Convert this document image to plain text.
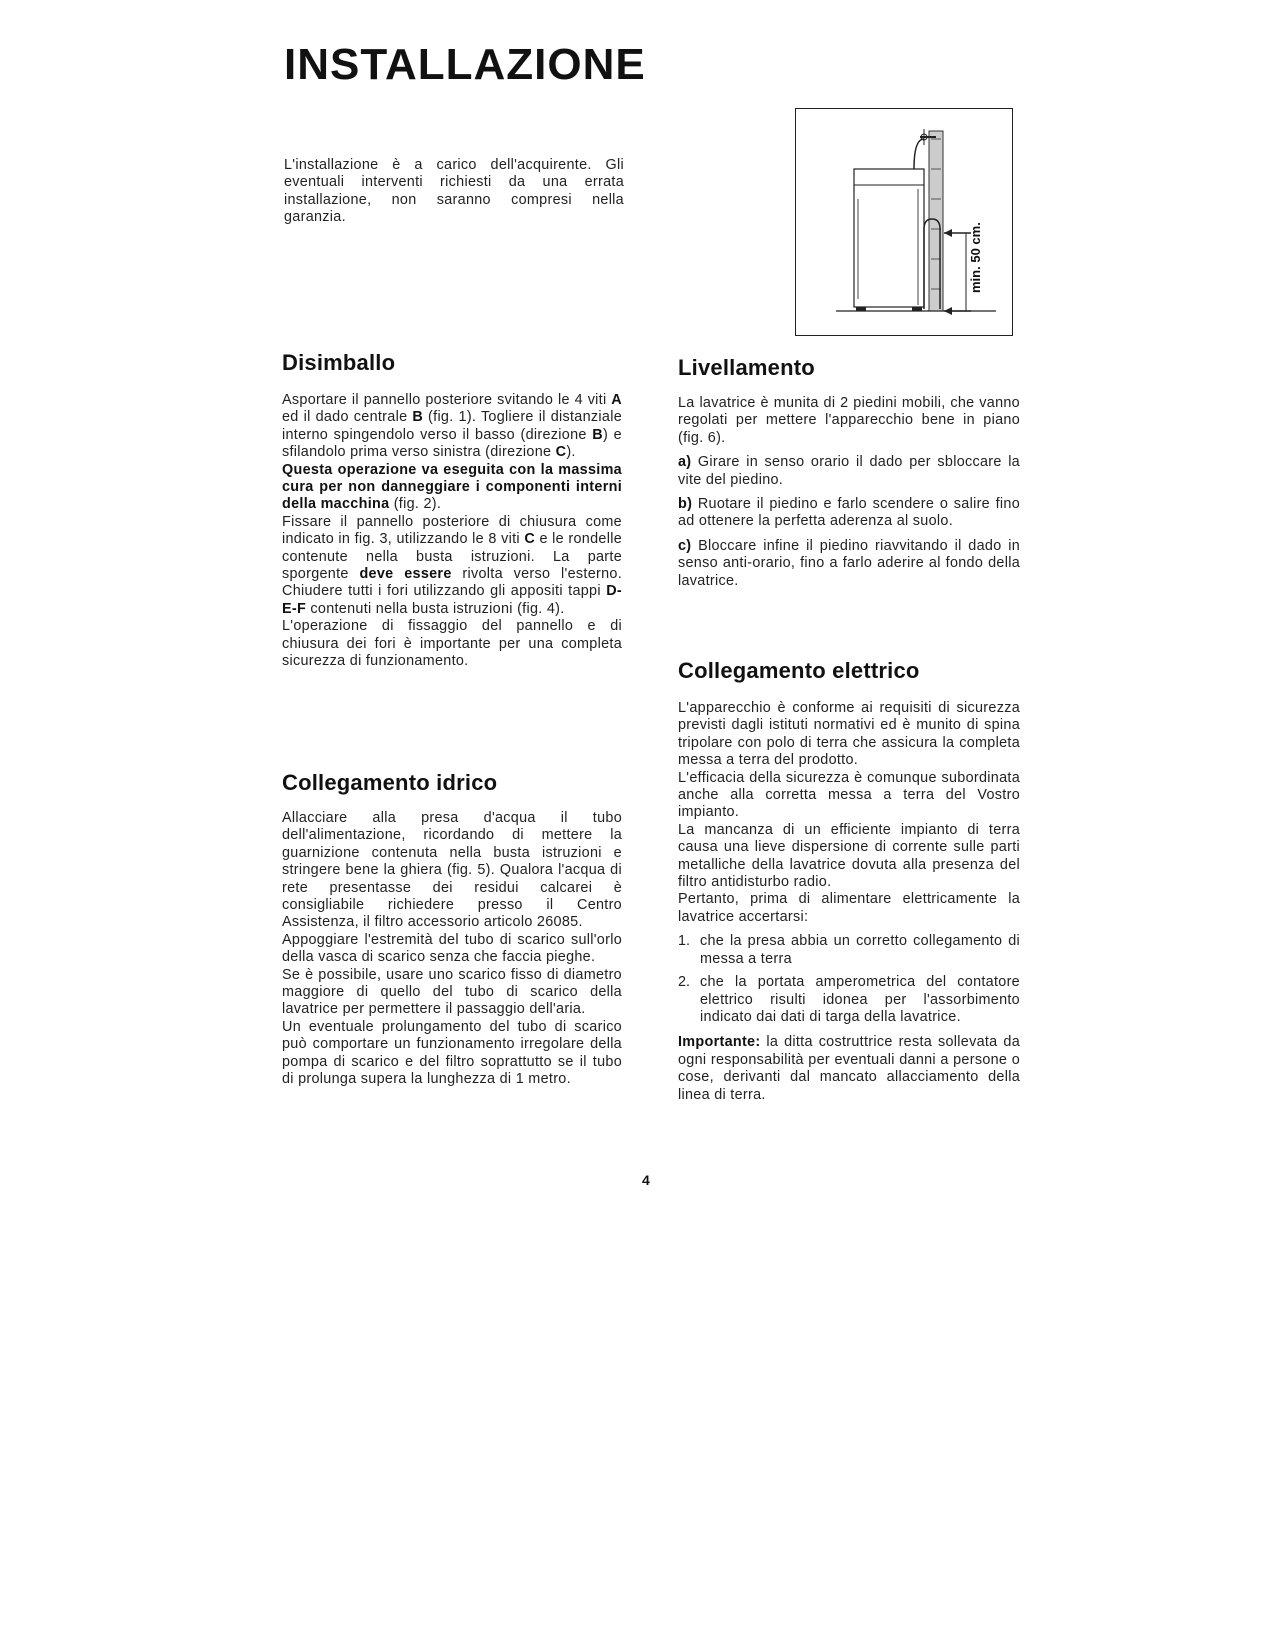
INSTALLAZIONE

L'installazione è a carico dell'acquirente. Gli eventuali interventi richiesti da una errata installazione, non saranno compresi nella garanzia.

min. 50 cm.
Disimballo

Asportare il pannello posteriore svitando le 4 viti A ed il dado centrale B (fig. 1). Togliere il distanziale interno spingendolo verso il basso (direzione B) e sfilandolo prima verso sinistra (direzione C).

Questa operazione va eseguita con la massima cura per non danneggiare i componenti interni della macchina (fig. 2).

Fissare il pannello posteriore di chiusura come indicato in fig. 3, utilizzando le 8 viti C e le rondelle contenute nella busta istruzioni. La parte sporgente deve essere rivolta verso l'esterno. Chiudere tutti i fori utilizzando gli appositi tappi D-E-F contenuti nella busta istruzioni (fig. 4).

L'operazione di fissaggio del pannello e di chiusura dei fori è importante per una completa sicurezza di funzionamento.

Collegamento idrico

Allacciare alla presa d'acqua il tubo dell'alimentazione, ricordando di mettere la guarnizione contenuta nella busta istruzioni e stringere bene la ghiera (fig. 5). Qualora l'acqua di rete presentasse dei residui calcarei è consigliabile richiedere presso il Centro Assistenza, il filtro accessorio articolo 26085.

Appoggiare l'estremità del tubo di scarico sull'orlo della vasca di scarico senza che faccia pieghe.

Se è possibile, usare uno scarico fisso di diametro maggiore di quello del tubo di scarico della lavatrice per permettere il passaggio dell'aria.

Un eventuale prolungamento del tubo di scarico può comportare un funzionamento irregolare della pompa di scarico e del filtro soprattutto se il tubo di prolunga supera la lunghezza di 1 metro.

Livellamento

La lavatrice è munita di 2 piedini mobili, che vanno regolati per mettere l'apparecchio bene in piano (fig. 6).

a) Girare in senso orario il dado per sbloccare la vite del piedino.

b) Ruotare il piedino e farlo scendere o salire fino ad ottenere la perfetta aderenza al suolo.

c) Bloccare infine il piedino riavvitando il dado in senso anti-orario, fino a farlo aderire al fondo della lavatrice.

Collegamento elettrico

L'apparecchio è conforme ai requisiti di sicurezza previsti dagli istituti normativi ed è munito di spina tripolare con polo di terra che assicura la completa messa a terra del prodotto.

L'efficacia della sicurezza è comunque subordinata anche alla corretta messa a terra del Vostro impianto.

La mancanza di un efficiente impianto di terra causa una lieve dispersione di corrente sulle parti metalliche della lavatrice dovuta alla presenza del filtro antidisturbo radio.

Pertanto, prima di alimentare elettricamente la lavatrice accertarsi:

1. che la presa abbia un corretto collegamento di messa a terra
2. che la portata amperometrica del contatore elettrico risulti idonea per l'assorbimento indicato dai dati di targa della lavatrice.

Importante: la ditta costruttrice resta sollevata da ogni responsabilità per eventuali danni a persone o cose, derivanti dal mancato allacciamento della linea di terra.

4
